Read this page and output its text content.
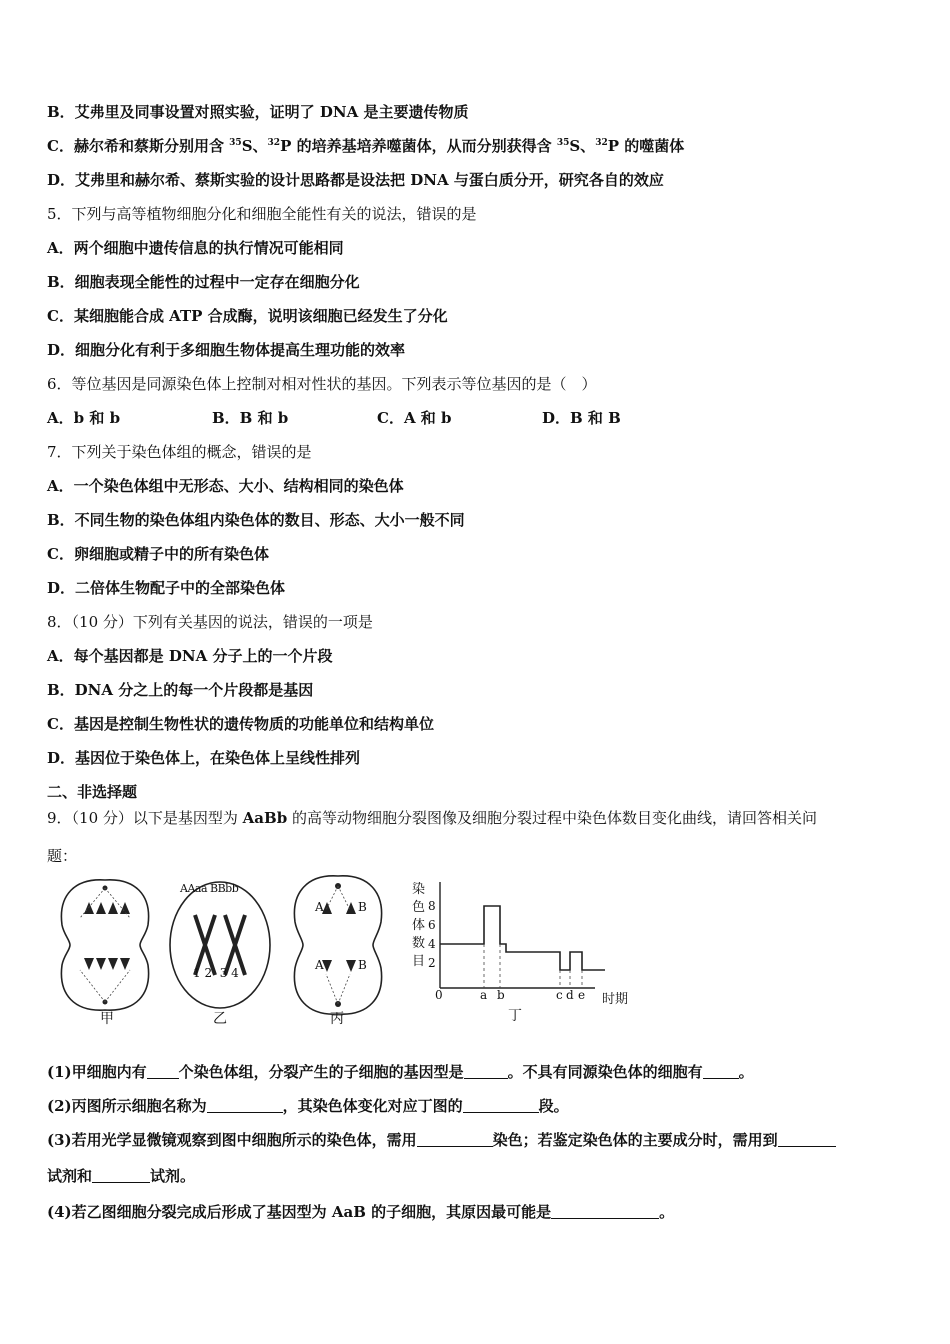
B．艾弗里及同事设置对照实验，证明了 DNA 是主要遗传物质
C．赫尔希和蔡斯分别用含 $^{35}$S、$^{32}$P 的培养基培养噬菌体，从而分别获得含 $^{35}$S、$^{32}$P 的噬菌体
D．艾弗里和赫尔希、蔡斯实验的设计思路都是设法把 DNA 与蛋白质分开，研究各自的效应
5．下列与高等植物细胞分化和细胞全能性有关的说法，错误的是
A．两个细胞中遗传信息的执行情况可能相同
B．细胞表现全能性的过程中一定存在细胞分化
C．某细胞能合成 ATP 合成酶，说明该细胞已经发生了分化
D．细胞分化有利于多细胞生物体提高生理功能的效率
6．等位基因是同源染色体上控制对相对性状的基因。下列表示等位基因的是（　）
A．b 和 b	B．B 和 b	C．A 和 b	D．B 和 B
7．下列关于染色体组的概念，错误的是
A．一个染色体组中无形态、大小、结构相同的染色体
B．不同生物的染色体组内染色体的数目、形态、大小一般不同
C．卵细胞或精子中的所有染色体
D．二倍体生物配子中的全部染色体
8．（10 分）下列有关基因的说法，错误的一项是
A．每个基因都是 DNA 分子上的一个片段
B．DNA 分之上的每一个片段都是基因
C．基因是控制生物性状的遗传物质的功能单位和结构单位
D．基因位于染色体上，在染色体上呈线性排列
二、非选择题
9．（10 分）以下是基因型为 AaBb 的高等动物细胞分裂图像及细胞分裂过程中染色体数目变化曲线，请回答相关问
题：
甲	乙	丙	丁
AAaa BBbb
1 2  3 4
A	B
A	B
染
色
体
数
目
8
6
4
2
0	a b	c d e 时期
(1)甲细胞内有 个染色体组，分裂产生的子细胞的基因型是	。不具有同源染色体的细胞有 。
(2)丙图所示细胞名称为	，其染色体变化对应丁图的	段。
(3)若用光学显微镜观察到图中细胞所示的染色体，需用	染色；若鉴定染色体的主要成分时，需用到
试剂和	试剂。
(4)若乙图细胞分裂完成后形成了基因型为 AaB 的子细胞，其原因最可能是	。
